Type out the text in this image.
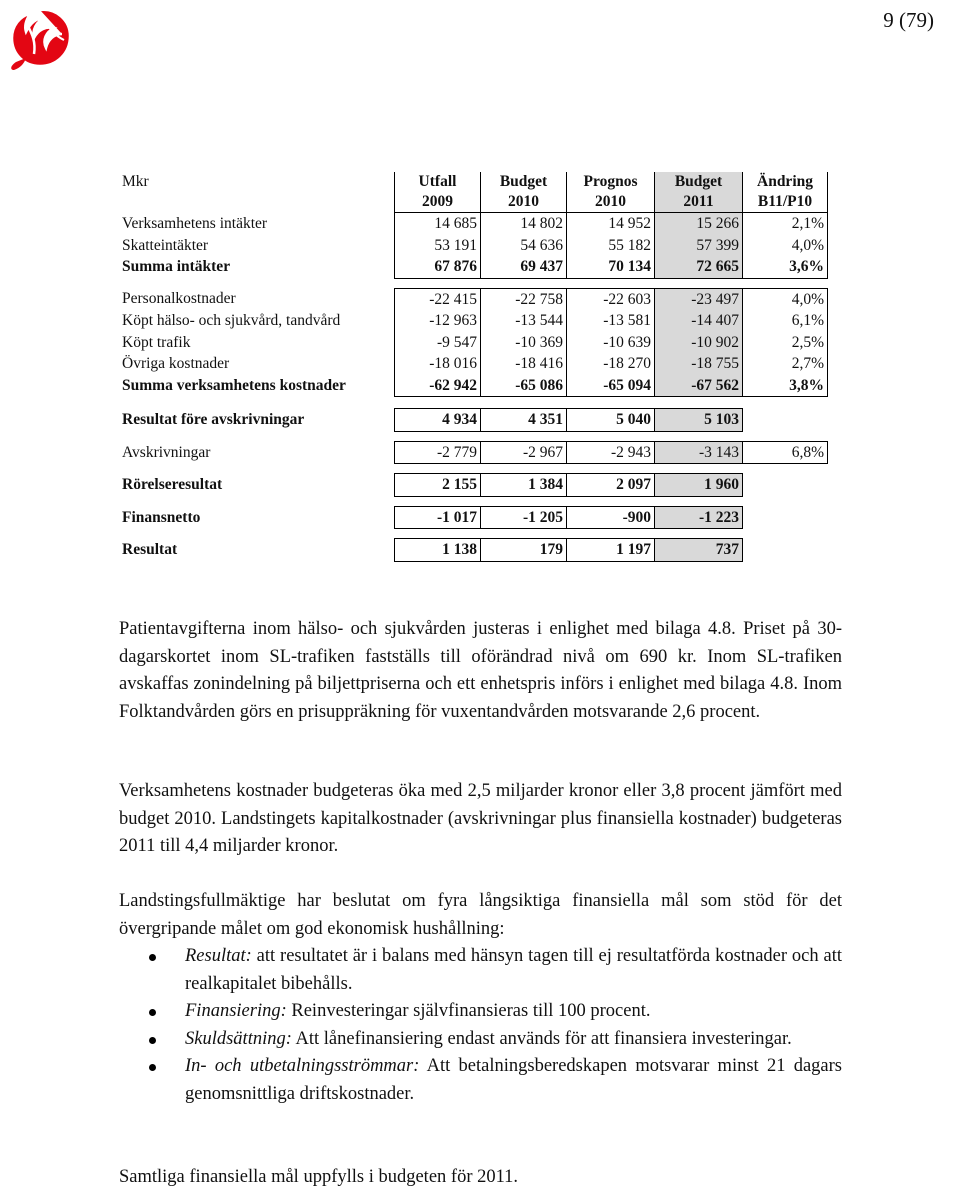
9 (79)
Mkr	Utfall	Budget	Prognos	Budget	Ändring
	2009	2010	2010	2011	B11/P10
Verksamhetens intäkter	14 685	14 802	14 952	15 266	2,1%
Skatteintäkter	53 191	54 636	55 182	57 399	4,0%
Summa intäkter	67 876	69 437	70 134	72 665	3,6%

Personalkostnader	-22 415	-22 758	-22 603	-23 497	4,0%
Köpt hälso- och sjukvård, tandvård	-12 963	-13 544	-13 581	-14 407	6,1%
Köpt trafik	-9 547	-10 369	-10 639	-10 902	2,5%
Övriga kostnader	-18 016	-18 416	-18 270	-18 755	2,7%
Summa verksamhetens kostnader	-62 942	-65 086	-65 094	-67 562	3,8%

Resultat före avskrivningar	4 934	4 351	5 040	5 103	

Avskrivningar	-2 779	-2 967	-2 943	-3 143	6,8%

Rörelseresultat	2 155	1 384	2 097	1 960	

Finansnetto	-1 017	-1 205	-900	-1 223	

Resultat	1 138	179	1 197	737	
Patientavgifterna inom hälso- och sjukvården justeras i enlighet med bilaga 4.8. Priset på 30-dagarskortet inom SL-trafiken fastställs till oförändrad nivå om 690 kr. Inom SL-trafiken avskaffas zonindelning på biljettpriserna och ett enhetspris införs i enlighet med bilaga 4.8. Inom Folktandvården görs en prisuppräkning för vuxentandvården motsvarande 2,6 procent.
Verksamhetens kostnader budgeteras öka med 2,5 miljarder kronor eller 3,8 procent jämfört med budget 2010. Landstingets kapitalkostnader (avskrivningar plus finansiella kostnader) budgeteras 2011 till 4,4 miljarder kronor.
Landstingsfullmäktige har beslutat om fyra långsiktiga finansiella mål som stöd för det övergripande målet om god ekonomisk hushållning:
Resultat: att resultatet är i balans med hänsyn tagen till ej resultatförda kostnader och att realkapitalet bibehålls.
Finansiering: Reinvesteringar självfinansieras till 100 procent.
Skuldsättning: Att lånefinansiering endast används för att finansiera investeringar.
In- och utbetalningsströmmar: Att betalningsberedskapen motsvarar minst 21 dagars genomsnittliga driftskostnader.
Samtliga finansiella mål uppfylls i budgeten för 2011.
